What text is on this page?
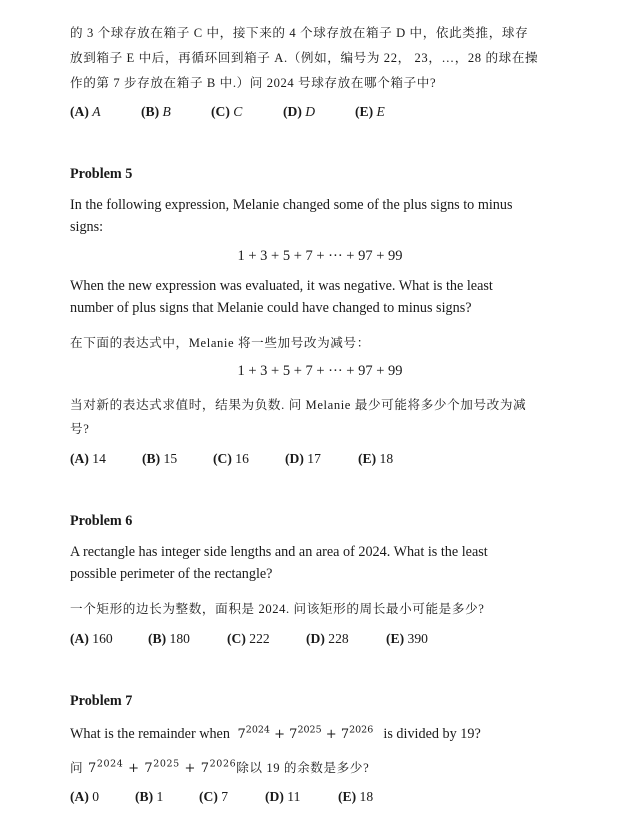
的 3 个球存放在箱子 C 中，接下来的 4 个球存放在箱子 D 中，依此类推，球存
放到箱子 E 中后，再循环回到箱子 A.（例如，编号为 22， 23，…，28 的球在操
作的第 7 步存放在箱子 B 中.）问 2024 号球存放在哪个箱子中?
(A) A	(B) B	(C) C	(D) D	(E) E
Problem 5
In the following expression, Melanie changed some of the plus signs to minus
signs:
1 + 3 + 5 + 7 + ··· + 97 + 99
When the new expression was evaluated, it was negative. What is the least
number of plus signs that Melanie could have changed to minus signs?
在下面的表达式中，Melanie 将一些加号改为减号：
1 + 3 + 5 + 7 + ··· + 97 + 99
当对新的表达式求值时，结果为负数. 问 Melanie 最少可能将多少个加号改为减
号?
(A) 14	(B) 15	(C) 16	(D) 17	(E) 18
Problem 6
A rectangle has integer side lengths and an area of 2024. What is the least
possible perimeter of the rectangle?
一个矩形的边长为整数，面积是 2024. 问该矩形的周长最小可能是多少?
(A) 160	(B) 180	(C) 222	(D) 228	(E) 390
Problem 7
What is the remainder when $7^{2024} + 7^{2025} + 7^{2026}$ is divided by 19?
问 $7^{2024} + 7^{2025} + 7^{2026}$除以 19 的余数是多少?
(A) 0	(B) 1	(C) 7	(D) 11	(E) 18
